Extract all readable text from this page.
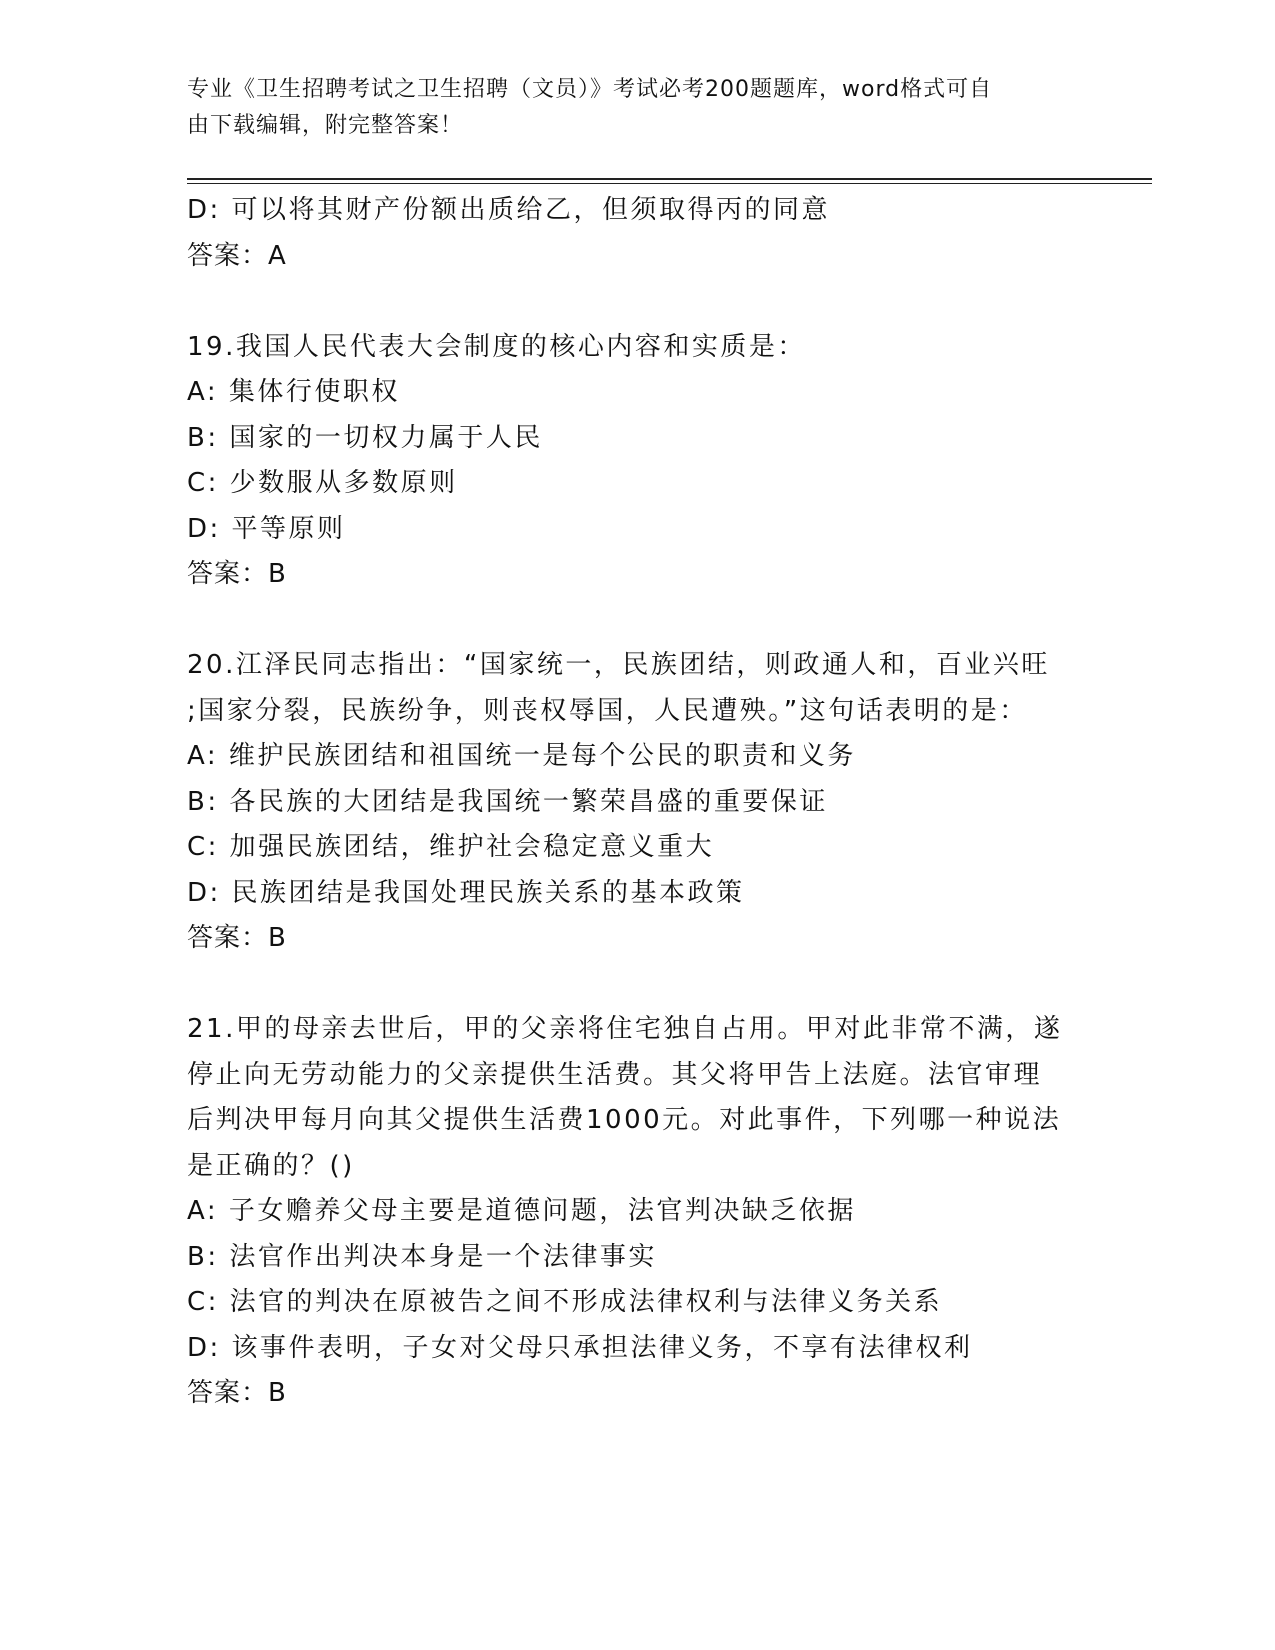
专业《卫生招聘考试之卫生招聘（文员）》考试必考200题题库，word格式可自
由下载编辑，附完整答案！
D: 可以将其财产份额出质给乙，但须取得丙的同意
答案：A
19.我国人民代表大会制度的核心内容和实质是：
A: 集体行使职权
B: 国家的一切权力属于人民
C: 少数服从多数原则
D: 平等原则
答案：B
20.江泽民同志指出：“国家统一，民族团结，则政通人和，百业兴旺
;国家分裂，民族纷争，则丧权辱国，人民遭殃。”这句话表明的是：
A: 维护民族团结和祖国统一是每个公民的职责和义务
B: 各民族的大团结是我国统一繁荣昌盛的重要保证
C: 加强民族团结，维护社会稳定意义重大
D: 民族团结是我国处理民族关系的基本政策
答案：B
21.甲的母亲去世后，甲的父亲将住宅独自占用。甲对此非常不满，遂
停止向无劳动能力的父亲提供生活费。其父将甲告上法庭。法官审理
后判决甲每月向其父提供生活费1000元。对此事件，下列哪一种说法
是正确的？()
A: 子女赡养父母主要是道德问题，法官判决缺乏依据
B: 法官作出判决本身是一个法律事实
C: 法官的判决在原被告之间不形成法律权利与法律义务关系
D: 该事件表明，子女对父母只承担法律义务，不享有法律权利
答案：B
